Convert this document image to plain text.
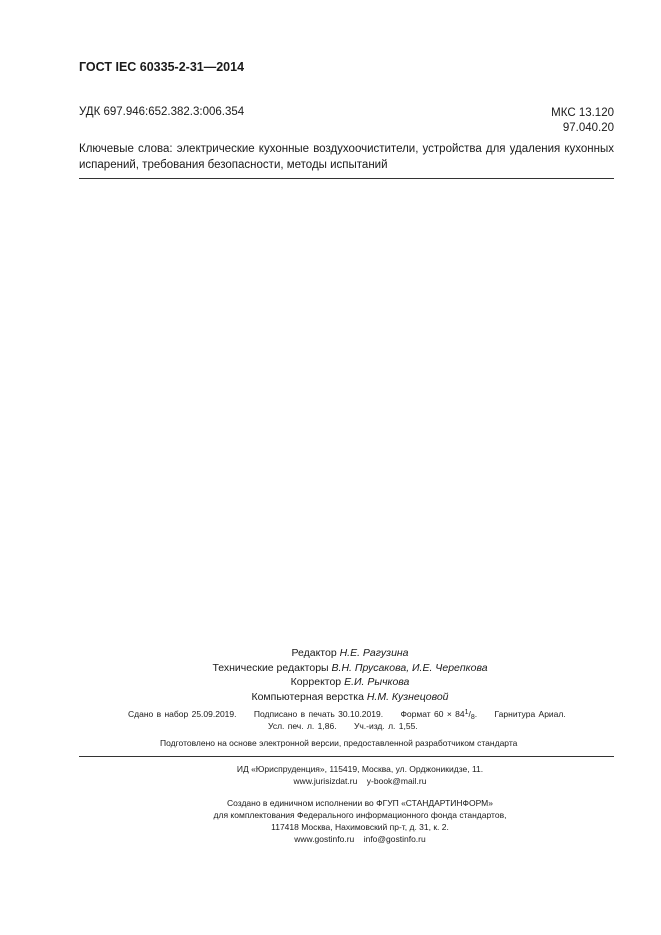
ГОСТ IEC 60335-2-31—2014
УДК 697.946:652.382.3:006.354	МКС 13.120
97.040.20
Ключевые слова: электрические кухонные воздухоочистители, устройства для удаления кухонных испарений, требования безопасности, методы испытаний
Редактор Н.Е. Рагузина
Технические редакторы В.Н. Прусакова, И.Е. Черепкова
Корректор Е.И. Рычкова
Компьютерная верстка Н.М. Кузнецовой
Сдано в набор 25.09.2019. Подписано в печать 30.10.2019. Формат $60 \times 84^1/_8$. Гарнитура Ариал.
Усл. печ. л. 1,86. Уч.-изд. л. 1,55.
Подготовлено на основе электронной версии, предоставленной разработчиком стандарта
ИД «Юриспруденция», 115419, Москва, ул. Орджоникидзе, 11.
www.jurisizdat.ru y-book@mail.ru
Создано в единичном исполнении во ФГУП «СТАНДАРТИНФОРМ»
для комплектования Федерального информационного фонда стандартов,
117418 Москва, Нахимовский пр-т, д. 31, к. 2.
www.gostinfo.ru info@gostinfo.ru
